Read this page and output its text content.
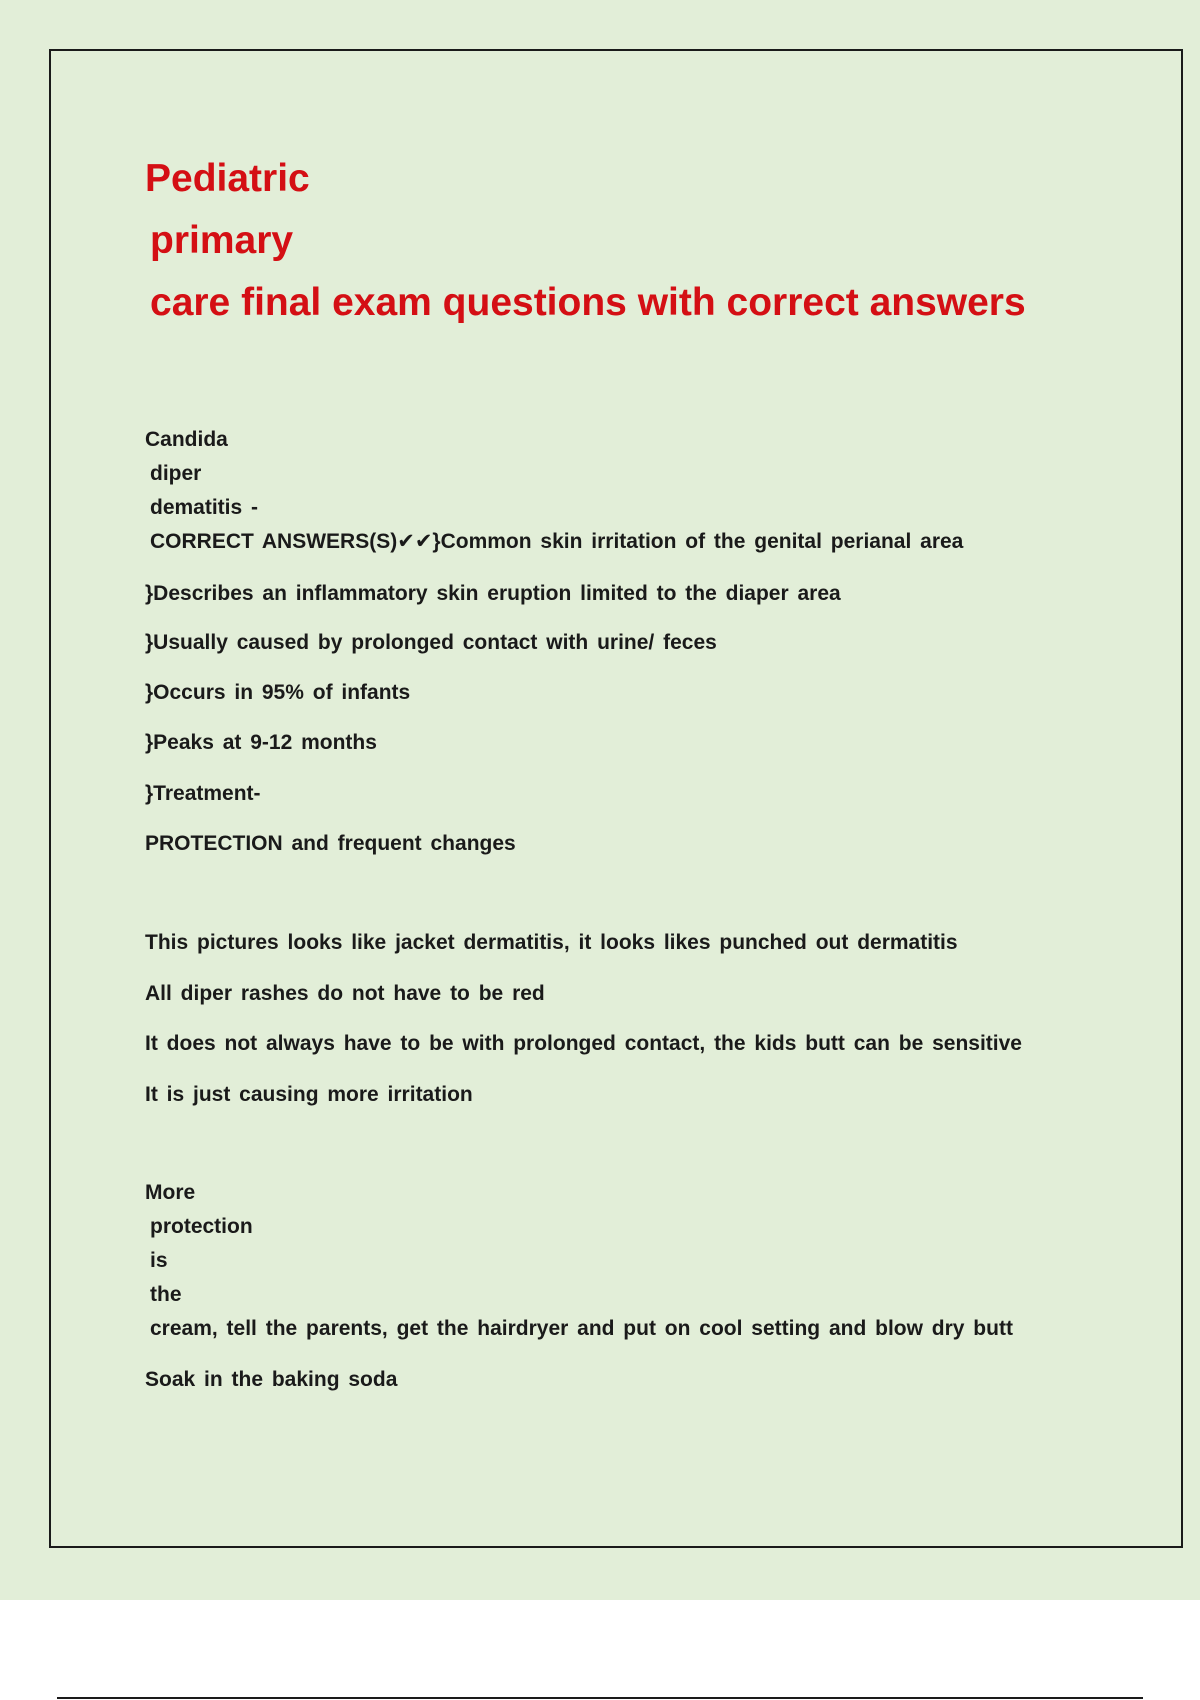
Pediatric
primary
care final exam questions with correct answers
Candida
diper
dematitis -
CORRECT ANSWERS(S)✔✔}Common skin irritation of the genital perianal area
}Describes an inflammatory skin eruption limited to the diaper area
}Usually caused by prolonged contact with urine/ feces
}Occurs in 95% of infants
}Peaks at 9-12 months
}Treatment-
PROTECTION and frequent changes
This pictures looks like jacket dermatitis, it looks likes punched out dermatitis
All diper rashes do not have to be red
It does not always have to be with prolonged contact, the kids butt can be sensitive
It is just causing more irritation
More
protection
is
the
cream, tell the parents, get the hairdryer and put on cool setting and blow dry butt
Soak in the baking soda
